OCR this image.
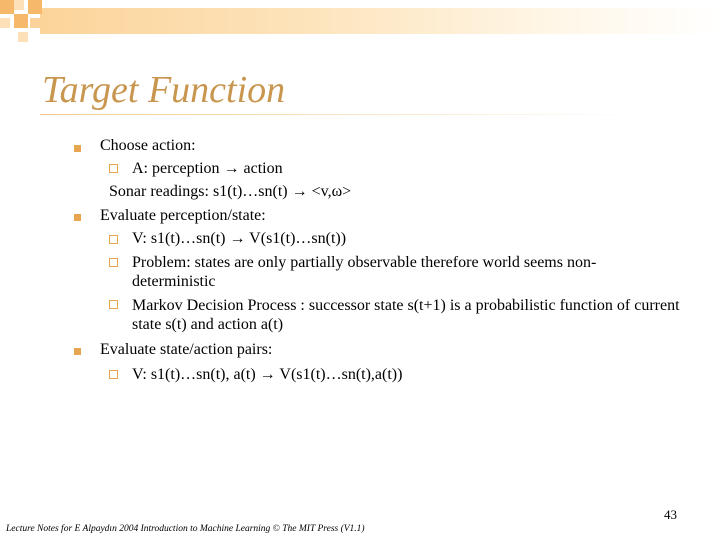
Target Function
Choose action:
A: perception → action
Sonar readings: s1(t)…sn(t) → <v,ω>
Evaluate perception/state:
V: s1(t)…sn(t) → V(s1(t)…sn(t))
Problem: states are only partially observable therefore world seems non-deterministic
Markov Decision Process : successor state s(t+1) is a probabilistic function of current state s(t) and action a(t)
Evaluate state/action pairs:
V: s1(t)…sn(t), a(t) → V(s1(t)…sn(t),a(t))
43
Lecture Notes for E Alpaydın 2004 Introduction to Machine Learning © The MIT Press (V1.1)
